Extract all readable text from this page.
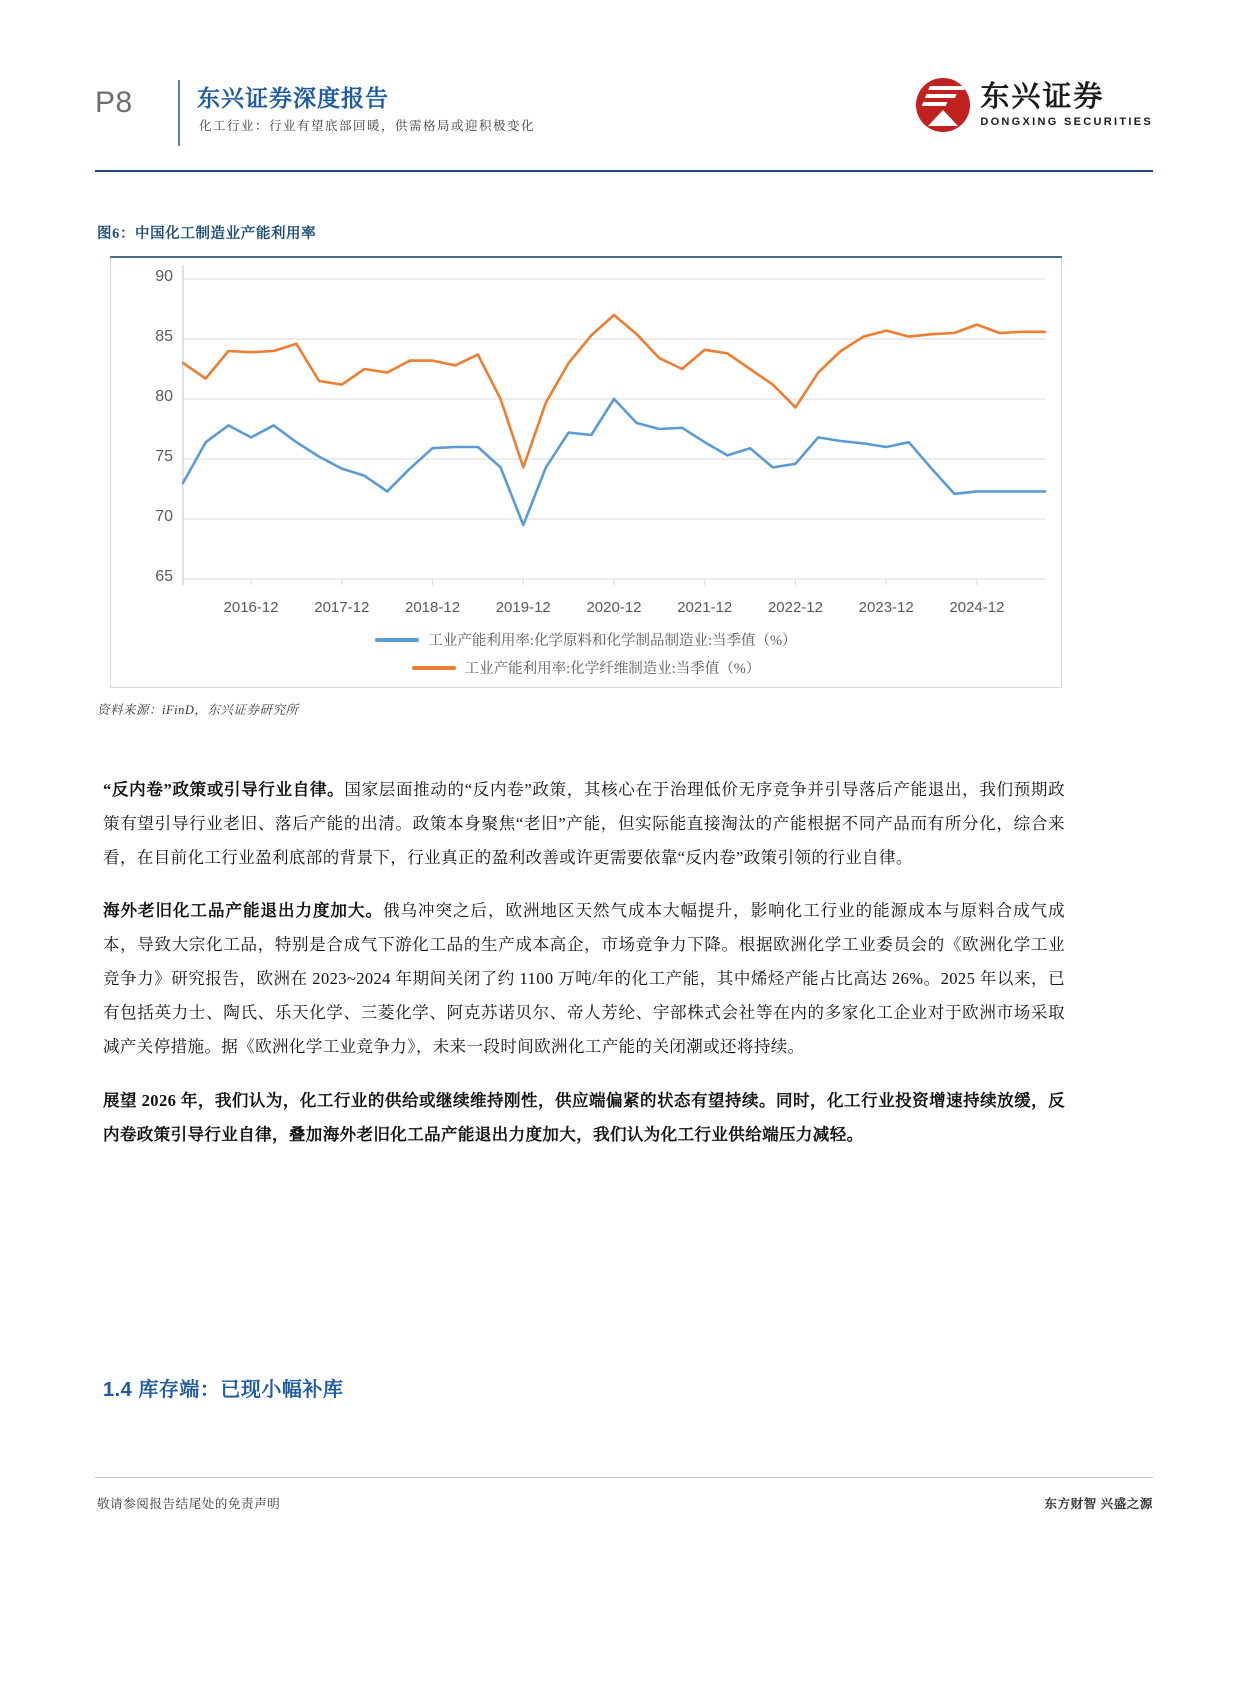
P8	东兴证券深度报告
化工行业：行业有望底部回暖，供需格局或迎积极变化
东兴证券
DONGXING SECURITIES
图6：中国化工制造业产能利用率
65
70
75
80
85
90
2016-12	2017-12	2018-12	2019-12	2020-12	2021-12	2022-12	2023-12	2024-12
工业产能利用率:化学原料和化学制品制造业:当季值（%）
工业产能利用率:化学纤维制造业:当季值（%）
资料来源：iFinD，东兴证券研究所

“反内卷”政策或引导行业自律。国家层面推动的“反内卷”政策，其核心在于治理低价无序竞争并引导落后产能退出，我们预期政策有望引导行业老旧、落后产能的出清。政策本身聚焦“老旧”产能，但实际能直接淘汰的产能根据不同产品而有所分化，综合来看，在目前化工行业盈利底部的背景下，行业真正的盈利改善或许更需要依靠“反内卷”政策引领的行业自律。

海外老旧化工品产能退出力度加大。俄乌冲突之后，欧洲地区天然气成本大幅提升，影响化工行业的能源成本与原料合成气成本，导致大宗化工品，特别是合成气下游化工品的生产成本高企，市场竞争力下降。根据欧洲化学工业委员会的《欧洲化学工业竞争力》研究报告，欧洲在 2023~2024 年期间关闭了约 1100 万吨/年的化工产能，其中烯烃产能占比高达 26%。2025 年以来，已有包括英力士、陶氏、乐天化学、三菱化学、阿克苏诺贝尔、帝人芳纶、宇部株式会社等在内的多家化工企业对于欧洲市场采取减产关停措施。据《欧洲化学工业竞争力》，未来一段时间欧洲化工产能的关闭潮或还将持续。

展望 2026 年，我们认为，化工行业的供给或继续维持刚性，供应端偏紧的状态有望持续。同时，化工行业投资增速持续放缓，反内卷政策引导行业自律，叠加海外老旧化工品产能退出力度加大，我们认为化工行业供给端压力减轻。

1.4 库存端：已现小幅补库
敬请参阅报告结尾处的免责声明	东方财智 兴盛之源
